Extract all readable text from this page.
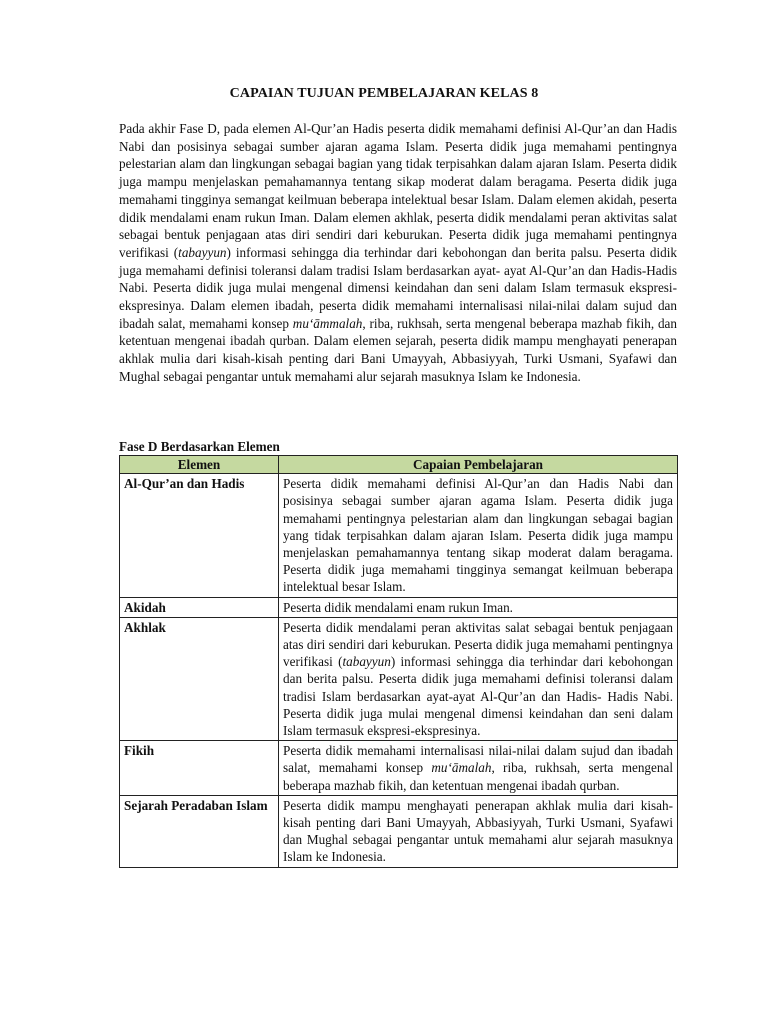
CAPAIAN TUJUAN PEMBELAJARAN KELAS 8

Pada akhir Fase D, pada elemen Al-Qur’an Hadis peserta didik memahami definisi Al-Qur’an dan Hadis Nabi dan posisinya sebagai sumber ajaran agama Islam. Peserta didik juga memahami pentingnya pelestarian alam dan lingkungan sebagai bagian yang tidak terpisahkan dalam ajaran Islam. Peserta didik juga mampu menjelaskan pemahamannya tentang sikap moderat dalam beragama. Peserta didik juga memahami tingginya semangat keilmuan beberapa intelektual besar Islam. Dalam elemen akidah, peserta didik mendalami enam rukun Iman. Dalam elemen akhlak, peserta didik mendalami peran aktivitas salat sebagai bentuk penjagaan atas diri sendiri dari keburukan. Peserta didik juga memahami pentingnya verifikasi (tabayyun) informasi sehingga dia terhindar dari kebohongan dan berita palsu. Peserta didik juga memahami definisi toleransi dalam tradisi Islam berdasarkan ayat- ayat Al-Qur’an dan Hadis-Hadis Nabi. Peserta didik juga mulai mengenal dimensi keindahan dan seni dalam Islam termasuk ekspresi-ekspresinya. Dalam elemen ibadah, peserta didik memahami internalisasi nilai-nilai dalam sujud dan ibadah salat, memahami konsep mu‘āmmalah, riba, rukhsah, serta mengenal beberapa mazhab fikih, dan ketentuan mengenai ibadah qurban. Dalam elemen sejarah, peserta didik mampu menghayati penerapan akhlak mulia dari kisah-kisah penting dari Bani Umayyah, Abbasiyyah, Turki Usmani, Syafawi dan Mughal sebagai pengantar untuk memahami alur sejarah masuknya Islam ke Indonesia.

Fase D Berdasarkan Elemen
Elemen	Capaian Pembelajaran
Al-Qur’an dan Hadis	Peserta didik memahami definisi Al-Qur’an dan Hadis Nabi dan posisinya sebagai sumber ajaran agama Islam. Peserta didik juga memahami pentingnya pelestarian alam dan lingkungan sebagai bagian yang tidak terpisahkan dalam ajaran Islam. Peserta didik juga mampu menjelaskan pemahamannya tentang sikap moderat dalam beragama. Peserta didik juga memahami tingginya semangat keilmuan beberapa intelektual besar Islam.
Akidah	Peserta didik mendalami enam rukun Iman.
Akhlak	Peserta didik mendalami peran aktivitas salat sebagai bentuk penjagaan atas diri sendiri dari keburukan. Peserta didik juga memahami pentingnya verifikasi (tabayyun) informasi sehingga dia terhindar dari kebohongan dan berita palsu. Peserta didik juga memahami definisi toleransi dalam tradisi Islam berdasarkan ayat-ayat Al-Qur’an dan Hadis- Hadis Nabi. Peserta didik juga mulai mengenal dimensi keindahan dan seni dalam Islam termasuk ekspresi-ekspresinya.
Fikih	Peserta didik memahami internalisasi nilai-nilai dalam sujud dan ibadah salat, memahami konsep mu‘āmalah, riba, rukhsah, serta mengenal beberapa mazhab fikih, dan ketentuan mengenai ibadah qurban.
Sejarah Peradaban Islam	Peserta didik mampu menghayati penerapan akhlak mulia dari kisah-kisah penting dari Bani Umayyah, Abbasiyyah, Turki Usmani, Syafawi dan Mughal sebagai pengantar untuk memahami alur sejarah masuknya Islam ke Indonesia.
